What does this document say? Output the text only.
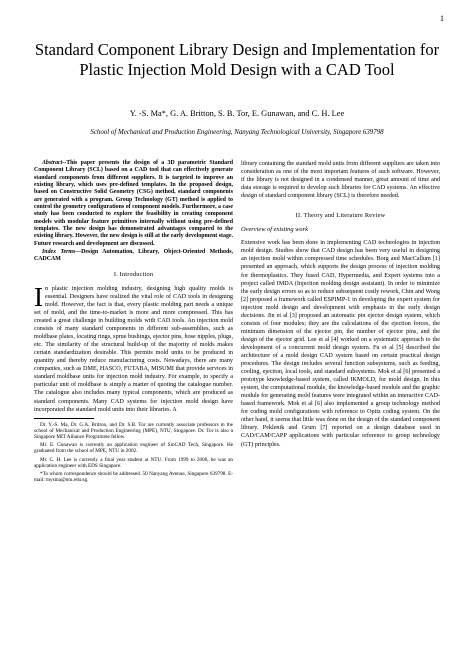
1
Standard Component Library Design and Implementation for Plastic Injection Mold Design with a CAD Tool
Y. -S. Ma*, G. A. Britton, S. B. Tor, E. Gunawan, and C. H. Lee
School of Mechanical and Production Engineering, Nanyang Technological University, Singapore 639798

Abstract--This paper presents the design of a 3D parametric Standard Component Library (SCL) based on a CAD tool that can effectively generate standard components from different suppliers. It is targeted to improve an existing library, which uses pre-defined templates. In the proposed design, based on Constructive Solid Geometry (CSG) method, standard components are generated with a program. Group Technology (GT) method is applied to control the geometry configurations of component models. Furthermore, a case study has been conducted to explore the feasibility in creating component models with modular feature primitives internally without using pre-defined templates. The new design has demonstrated advantages compared to the existing library. However, the new design is still at the early development stage. Future research and development are discussed.

Index Terms—Design Automation, Library, Object-Oriented Methods, CADCAM

I. Introduction

In plastic injection molding industry, designing high quality molds is essential. Designers have realized the vital role of CAD tools in designing mold. However, the fact is that, every plastic molding part needs a unique set of mold, and the time-to-market is more and more compressed. This has created a great challenge in building molds with CAD tools. An injection mold consists of many standard components in different sub-assemblies, such as moldbase plates, locating rings, sprue bushings, ejector pins, hose nipples, plugs, etc. The similarity of the structural build-up of the majority of molds makes certain standardization desirable. This permits mold units to be produced in quantity and thereby reduce manufacturing costs. Nowadays, there are many companies, such as DME, HASCO, FUTABA, MISUMI that provide services in standard moldbase units for injection mold industry. For example, to specify a particular unit of moldbase is simply a matter of quoting the catalogue number. The catalogue also includes many typical components, which are produced as standard components. Many CAD systems for injection mold design have incorporated the standard mold units into their libraries. A

Dr. Y.-S. Ma, Dr. G.A. Britton, and Dr. S.B. Tor are currently associate professors in the school of Mechanical and Production Engineering (MPE), NTU, Singapore. Dr. Tor is also a Singapore MIT Alliance Programme fellow.

Mr. E. Gunawan is currently an application engineer of SinCAD Tech, Singapore. He graduated from the school of MPE, NTU in 2002.

Mr. C. H. Lee is currently a final year student at NTU. From 1999 to 2000, he was an application engineer with EDS Singapore.

*To whom correspondence should be addressed. 50 Nanyang Avenue, Singapore 639798. E-mail: mysma@ntu.edu.sg.

library containing the standard mold units from different suppliers are taken into consideration as one of the most important features of such software. However, if the library is not designed in a condensed manner, great amount of time and data storage is required to develop such libraries for CAD systems. An effective design of standard component library (SCL) is therefore needed.

II. Theory and Literature Review
Overview of existing work

Extensive work has been done in implementing CAD technologies in injection mold design. Studies show that CAD design has been very useful in designing an injection mold within compressed time schedules. Borg and MacCallum [1] presented an approach, which supports the design process of injection molding for thermoplastics. They fused CAD, Hypermedia, and Expert systems into a project called IMDA (Injection molding design assistant). In order to minimize the early design errors so as to reduce subsequent costly rework, Chin and Wong [2] proposed a framework called ESPIMP-1 in developing the expert system for injection mold design and development with emphasis in the early design decisions. Jin et al [3] proposed an automatic pin ejector design system, which consists of four modules; they are the calculations of the ejection forces, the minimum dimension of the ejector pin, the number of ejector pins, and the design of the ejector grid. Lee et al [4] worked on a systematic approach to the development of a concurrent mold design system. Fu et al [5] described the architecture of a mold design CAD system based on certain practical design procedures. The design includes several function subsystems, such as feeding, cooling, ejection, local tools, and standard subsystems. Mok et al [6] presented a prototype knowledge-based system, called IKMOLD, for mold design. In this system, the computational module, the knowledge-based module and the graphic module for generating mold features were integrated within an interactive CAD-based framework. Mok et al [6] also implemented a group technology method for coding mold configurations with reference to Opitz coding system. On the other hand, it seems that little was done on the design of the standard component library. Peklenik and Grum [7] reported on a design database used in CAD/CAM/CAPP applications with particular reference to group technology (GT) principles.
